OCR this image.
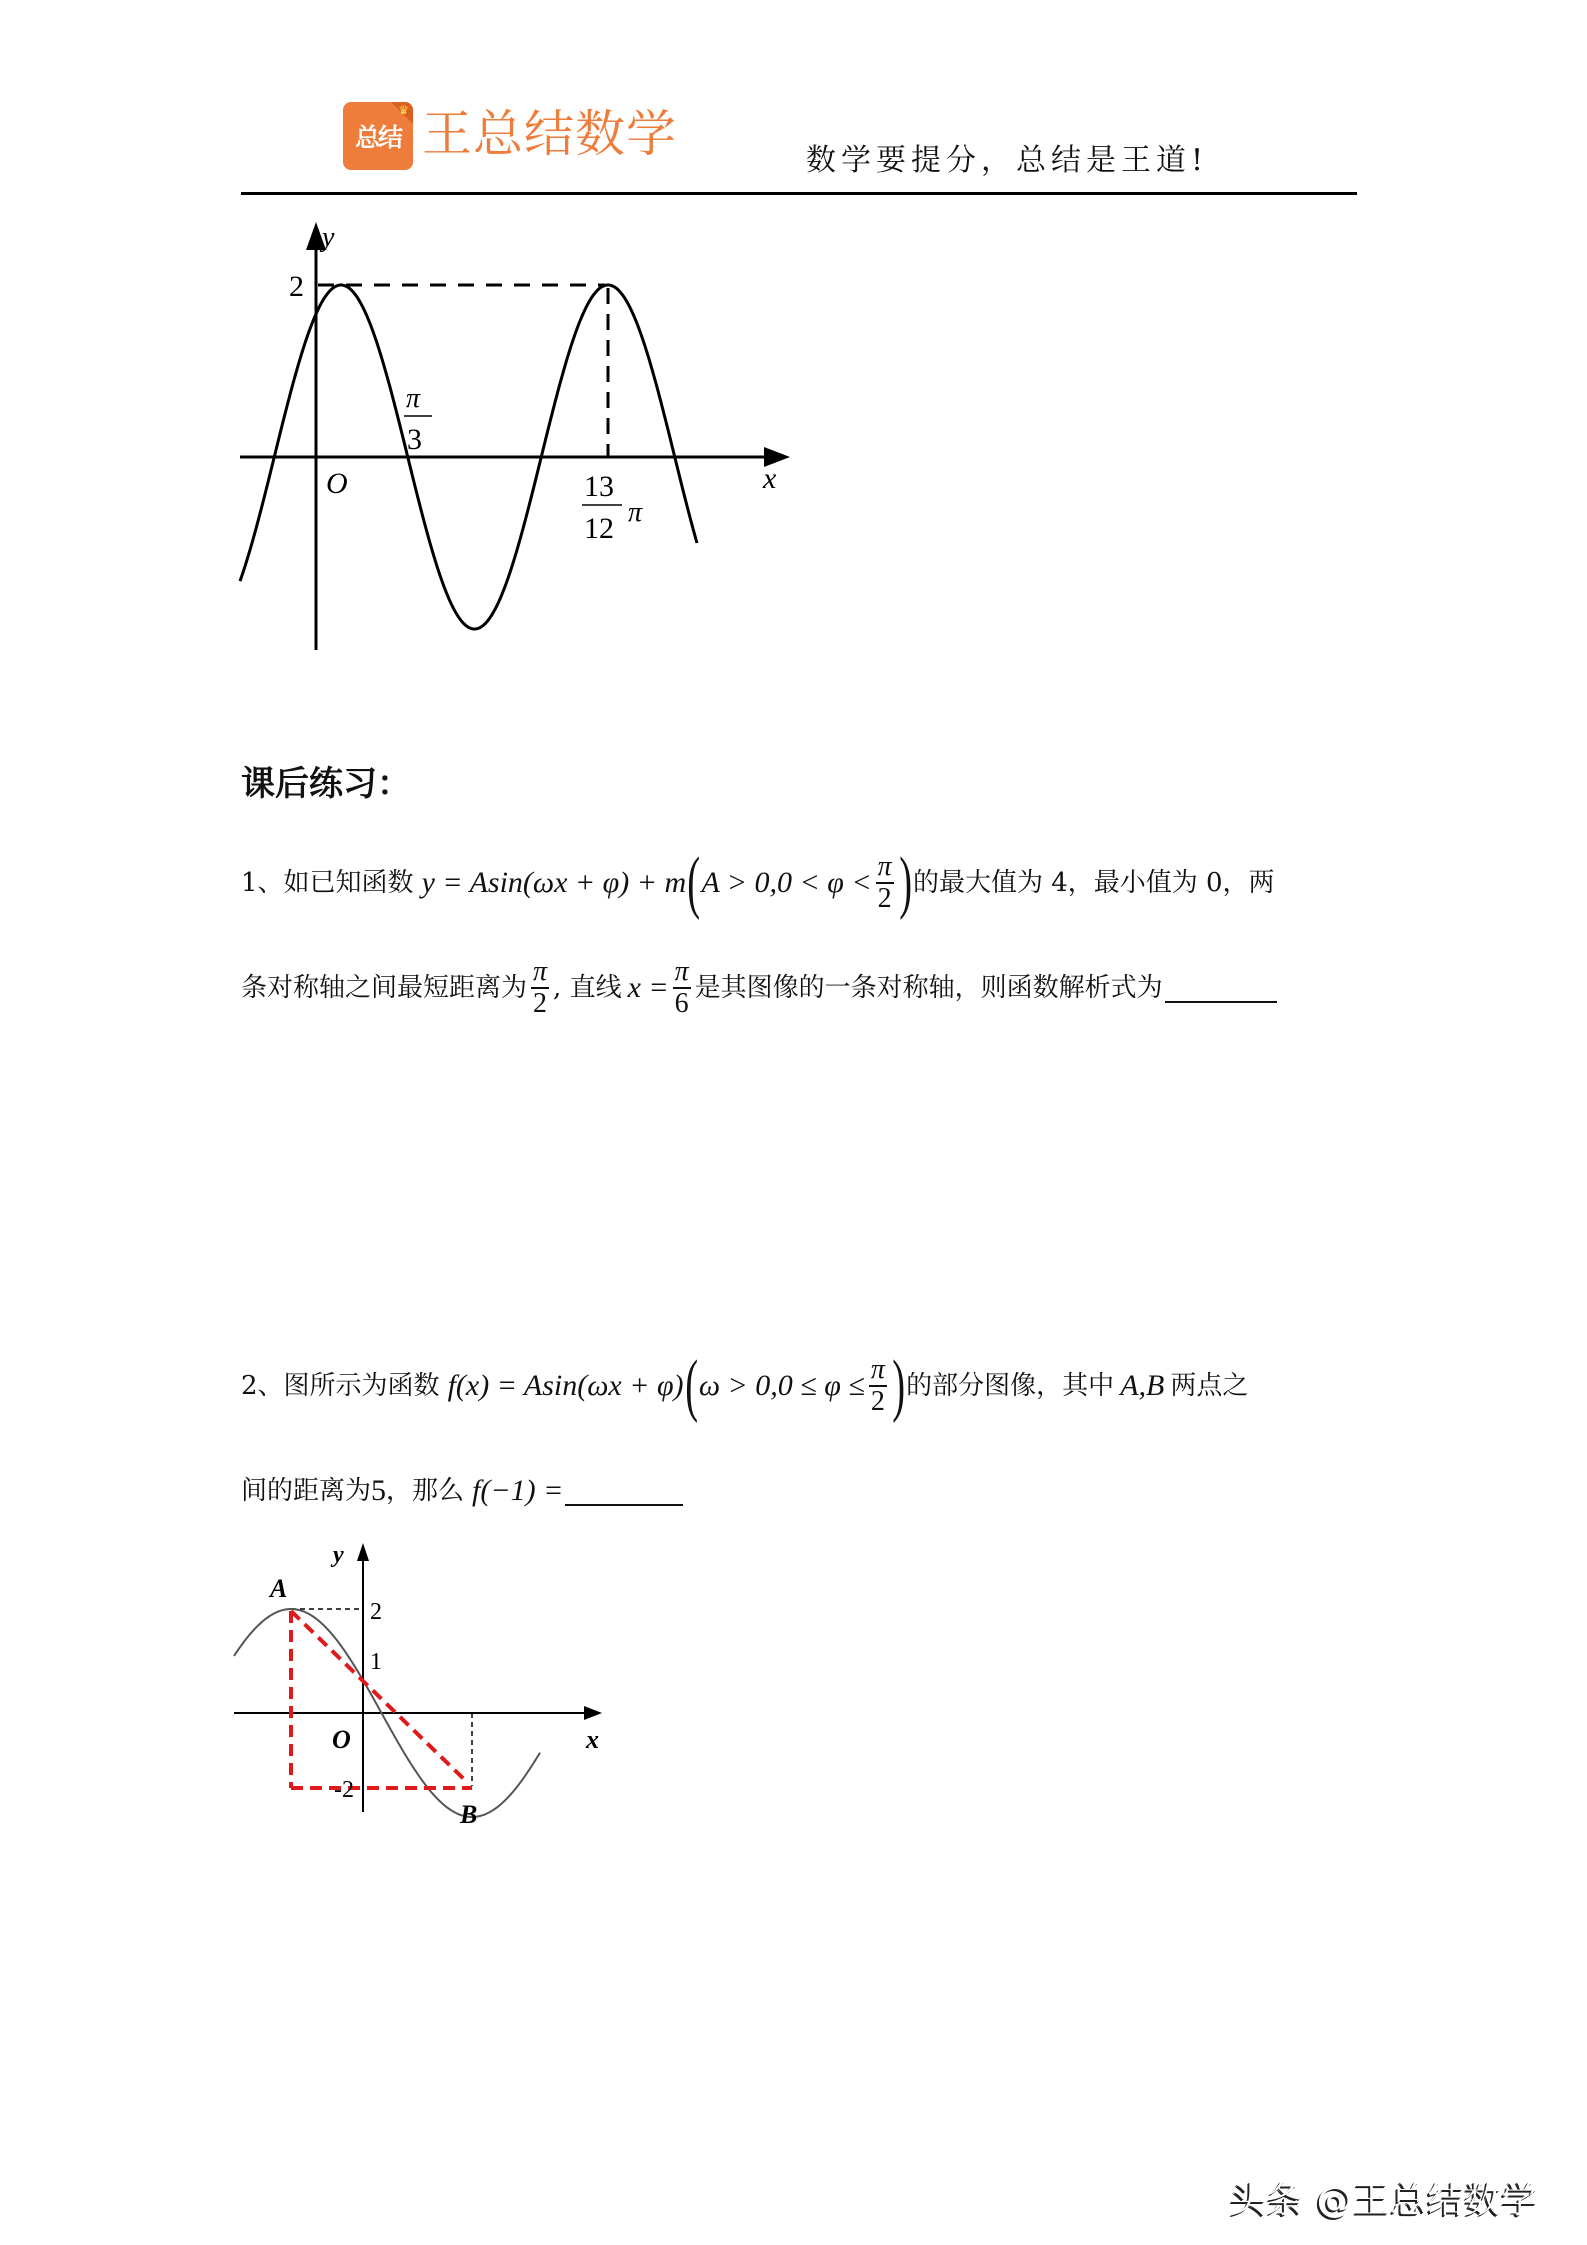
♛
总结 王总结数学	数学要提分，总结是王道!
y
2
O
π
3
x
13
12 π
课后练习：
1、 如已知函数 y = Asin(ωx + φ) + m ( $A > 0,0 < \varphi < \frac{\pi}{2}$ ) 的最大值为 4，最小值为 0，两
条对称轴之间最短距离为 $\frac{\pi}{2}$ , 直线 $x = \frac{\pi}{6}$ 是其图像的一条对称轴，则函数解析式为
2、 图所示为函数 f(x) = Asin(ωx + φ) ( $\omega > 0,0 \le \varphi \le \frac{\pi}{2}$ ) 的部分图像，其中 A,B 两点之
间的距离为 5 ，那么 f(−1) =
y
A
2
1
O	x
-2
B
头条 @王总结数学
